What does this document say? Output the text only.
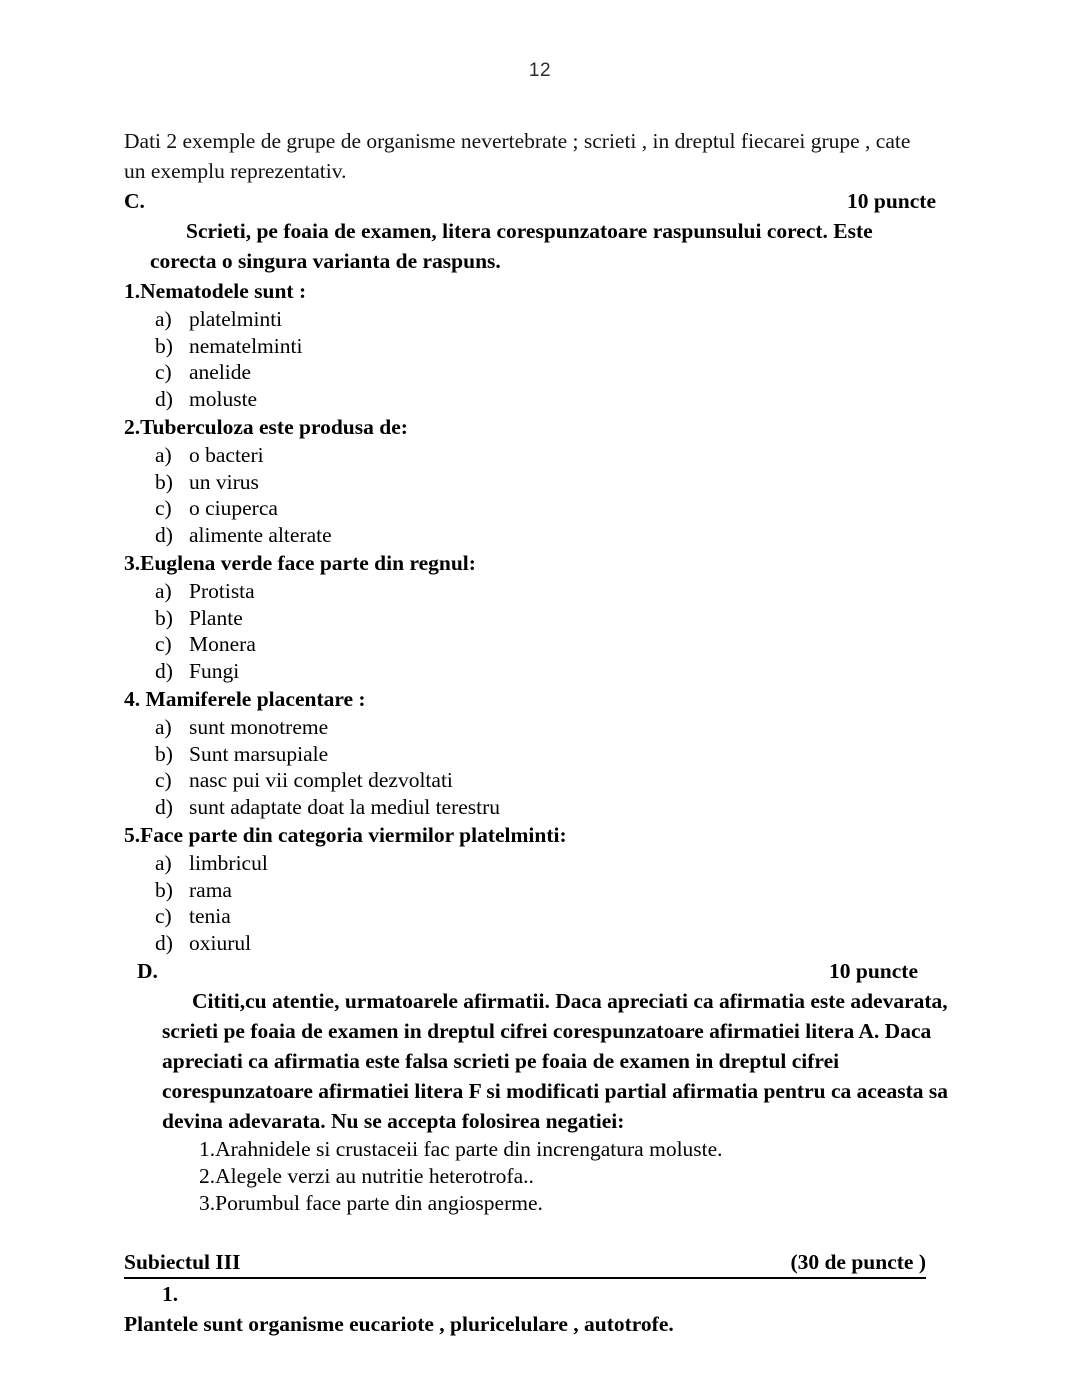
12

Dati 2 exemple de grupe de organisme nevertebrate ; scrieti , in dreptul fiecarei grupe , cate un exemplu reprezentativ.

C.	10 puncte

Scrieti, pe foaia de examen, litera corespunzatoare raspunsului corect. Este corecta o singura varianta de raspuns.

1.Nematodele sunt :

a) platelminti
b) nematelminti
c) anelide
d) moluste

2.Tuberculoza este produsa de:

a) o bacteri
b) un virus
c) o ciuperca
d) alimente alterate

3.Euglena verde face parte din regnul:

a) Protista
b) Plante
c) Monera
d) Fungi

4. Mamiferele placentare :

a) sunt monotreme
b) Sunt marsupiale
c) nasc pui vii complet dezvoltati
d) sunt adaptate doat la mediul terestru

5.Face parte din categoria viermilor platelminti:

a) limbricul
b) rama
c) tenia
d) oxiurul
D.	10 puncte

Cititi,cu atentie, urmatoarele afirmatii. Daca apreciati ca afirmatia este adevarata, scrieti pe foaia de examen in dreptul cifrei corespunzatoare afirmatiei litera A. Daca apreciati ca afirmatia este falsa scrieti pe foaia de examen in dreptul cifrei corespunzatoare afirmatiei litera F si modificati partial afirmatia pentru ca aceasta sa devina adevarata. Nu se accepta folosirea negatiei:

1.Arahnidele si crustaceii fac parte din increngatura moluste.

2.Alegele verzi au nutritie heterotrofa..

3.Porumbul face parte din angiosperme.

Subiectul III	(30 de puncte )

1.

Plantele sunt organisme eucariote , pluricelulare , autotrofe.
